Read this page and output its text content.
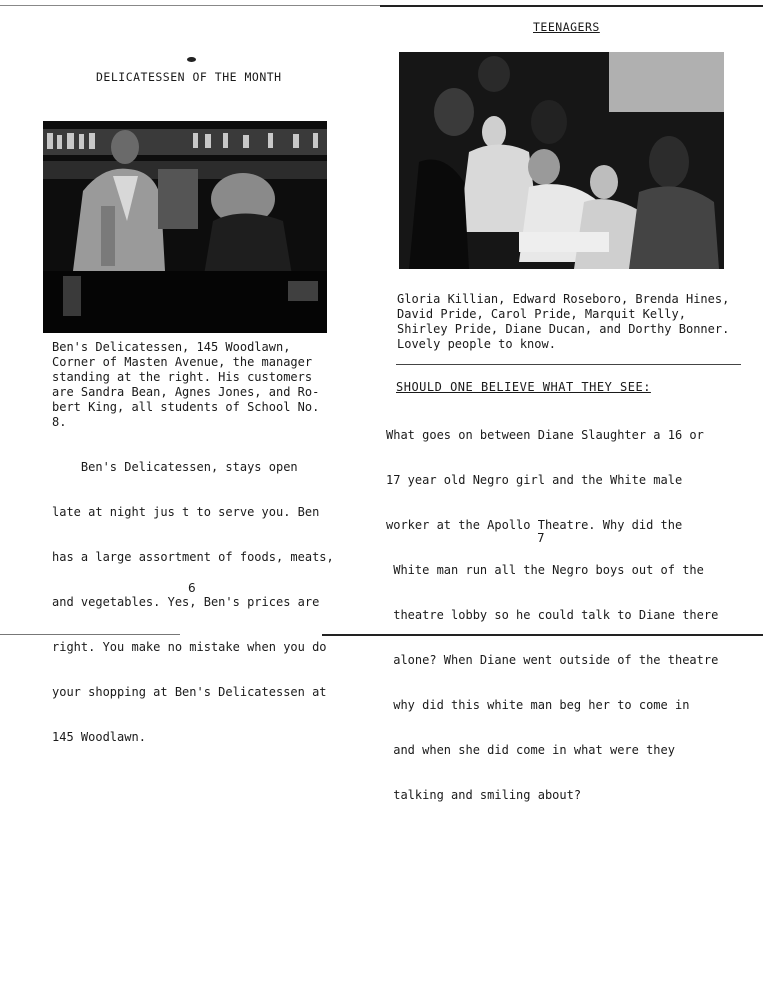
DELICATESSEN OF THE MONTH

Ben's Delicatessen, 145 Woodlawn,
Corner of Masten Avenue, the manager
standing at the right. His customers
are Sandra Bean, Agnes Jones, and Ro-
bert King, all students of School No.
8.

Ben's Delicatessen, stays open

late at night jus t to serve you. Ben

has a large assortment of foods, meats,

and vegetables. Yes, Ben's prices are

right. You make no mistake when you do

your shopping at Ben's Delicatessen at

145 Woodlawn.

6
TEENAGERS
Gloria Killian, Edward Roseboro, Brenda Hines,
David Pride, Carol Pride, Marquit Kelly,
Shirley Pride, Diane Ducan, and Dorthy Bonner.
Lovely people to know.
SHOULD ONE BELIEVE WHAT THEY SEE:

What goes on between Diane Slaughter a 16 or

17 year old Negro girl and the White male

worker at the Apollo Theatre. Why did the

White man run all the Negro boys out of the

theatre lobby so he could talk to Diane there

alone? When Diane went outside of the theatre

why did this white man beg her to come in

and when she did come in what were they

talking and smiling about?

7
